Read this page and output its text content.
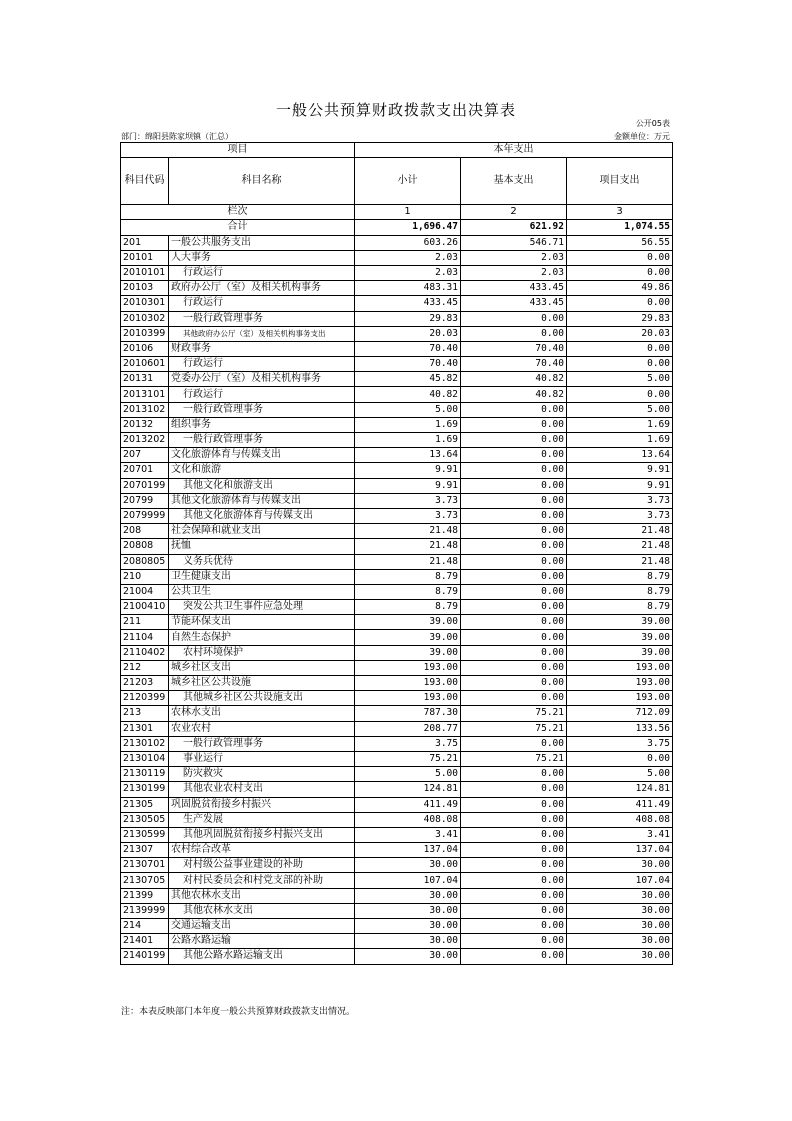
一般公共预算财政拨款支出决算表
公开05表
部门：绵阳县陈家坝镇（汇总）	金额单位：万元
项目		本年支出		
科目代码	科目名称	小计	基本支出	项目支出
栏次		1	2	3
合计		1,696.47	621.92	1,074.55
201	一般公共服务支出	603.26	546.71	56.55
20101	人大事务	2.03	2.03	0.00
2010101	行政运行	2.03	2.03	0.00
20103	政府办公厅（室）及相关机构事务	483.31	433.45	49.86
2010301	行政运行	433.45	433.45	0.00
2010302	一般行政管理事务	29.83	0.00	29.83
2010399	其他政府办公厅（室）及相关机构事务支出	20.03	0.00	20.03
20106	财政事务	70.40	70.40	0.00
2010601	行政运行	70.40	70.40	0.00
20131	党委办公厅（室）及相关机构事务	45.82	40.82	5.00
2013101	行政运行	40.82	40.82	0.00
2013102	一般行政管理事务	5.00	0.00	5.00
20132	组织事务	1.69	0.00	1.69
2013202	一般行政管理事务	1.69	0.00	1.69
207	文化旅游体育与传媒支出	13.64	0.00	13.64
20701	文化和旅游	9.91	0.00	9.91
2070199	其他文化和旅游支出	9.91	0.00	9.91
20799	其他文化旅游体育与传媒支出	3.73	0.00	3.73
2079999	其他文化旅游体育与传媒支出	3.73	0.00	3.73
208	社会保障和就业支出	21.48	0.00	21.48
20808	抚恤	21.48	0.00	21.48
2080805	义务兵优待	21.48	0.00	21.48
210	卫生健康支出	8.79	0.00	8.79
21004	公共卫生	8.79	0.00	8.79
2100410	突发公共卫生事件应急处理	8.79	0.00	8.79
211	节能环保支出	39.00	0.00	39.00
21104	自然生态保护	39.00	0.00	39.00
2110402	农村环境保护	39.00	0.00	39.00
212	城乡社区支出	193.00	0.00	193.00
21203	城乡社区公共设施	193.00	0.00	193.00
2120399	其他城乡社区公共设施支出	193.00	0.00	193.00
213	农林水支出	787.30	75.21	712.09
21301	农业农村	208.77	75.21	133.56
2130102	一般行政管理事务	3.75	0.00	3.75
2130104	事业运行	75.21	75.21	0.00
2130119	防灾救灾	5.00	0.00	5.00
2130199	其他农业农村支出	124.81	0.00	124.81
21305	巩固脱贫衔接乡村振兴	411.49	0.00	411.49
2130505	生产发展	408.08	0.00	408.08
2130599	其他巩固脱贫衔接乡村振兴支出	3.41	0.00	3.41
21307	农村综合改革	137.04	0.00	137.04
2130701	对村级公益事业建设的补助	30.00	0.00	30.00
2130705	对村民委员会和村党支部的补助	107.04	0.00	107.04
21399	其他农林水支出	30.00	0.00	30.00
2139999	其他农林水支出	30.00	0.00	30.00
214	交通运输支出	30.00	0.00	30.00
21401	公路水路运输	30.00	0.00	30.00
2140199	其他公路水路运输支出	30.00	0.00	30.00
注：本表反映部门本年度一般公共预算财政拨款支出情况。
